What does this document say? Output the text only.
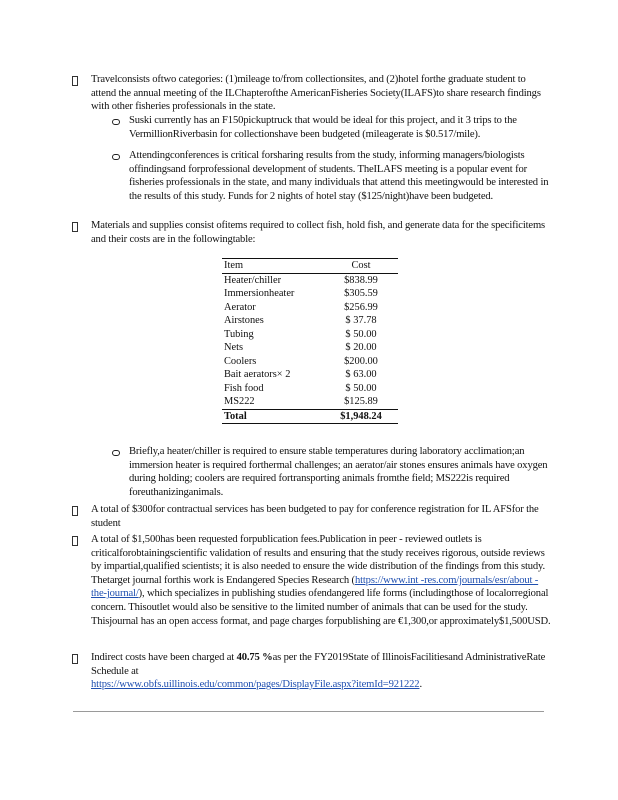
Travelconsists oftwo categories: (1)mileage to/from collectionsites, and (2)hotel forthe graduate student to attend the annual meeting of the ILChapterofthe AmericanFisheries Society(ILAFS)to share research findings with other fisheries professionals in the state.
Suski currently has an F150pickuptruck that would be ideal for this project, and it 3 trips to the VermillionRiverbasin for collectionshave been budgeted (mileagerate is $0.517/mile).
Attendingconferences is critical forsharing results from the study, informing managers/biologists offindingsand forprofessional development of students. TheILAFS meeting is a popular event for fisheries professionals in the state, and many individuals that attend this meetingwould be interested in the results of this study. Funds for 2 nights of hotel stay ($125/night)have been budgeted.
Materials and supplies consist ofitems required to collect fish, hold fish, and generate data for the specificitems and their costs are in the followingtable:
Item	Cost
Heater/chiller	$838.99
Immersionheater	$305.59
Aerator	$256.99
Airstones	$ 37.78
Tubing	$ 50.00
Nets	$ 20.00
Coolers	$200.00
Bait aerators× 2	$ 63.00
Fish food	$ 50.00
MS222	$125.89
Total	$1,948.24
Briefly,a heater/chiller is required to ensure stable temperatures during laboratory acclimation;an immersion heater is required forthermal challenges; an aerator/air stones ensures animals have oxygen during holding; coolers are required fortransporting animals fromthe field; MS222is required foreuthanizinganimals.
A total of $300for contractual services has been budgeted to pay for conference registration for IL AFSfor the student
A total of $1,500has been requested forpublication fees.Publication in peer - reviewed outlets is criticalforobtainingscientific validation of results and ensuring that the study receives rigorous, outside reviews by impartial,qualified scientists; it is also needed to ensure the wide distribution of the findings from this study. Thetarget journal forthis work is Endangered Species Research (https://www.int -res.com/journals/esr/about -the-journal/), which specializes in publishing studies ofendangered life forms (includingthose of localorregional concern. Thisoutlet would also be sensitive to the limited number of animals that can be used for the study. Thisjournal has an open access format, and page charges forpublishing are €1,300,or approximately$1,500USD.
Indirect costs have been charged at 40.75 %as per the FY2019State of IllinoisFacilitiesand AdministrativeRate Schedule at
https://www.obfs.uillinois.edu/common/pages/DisplayFile.aspx?itemId=921222.
